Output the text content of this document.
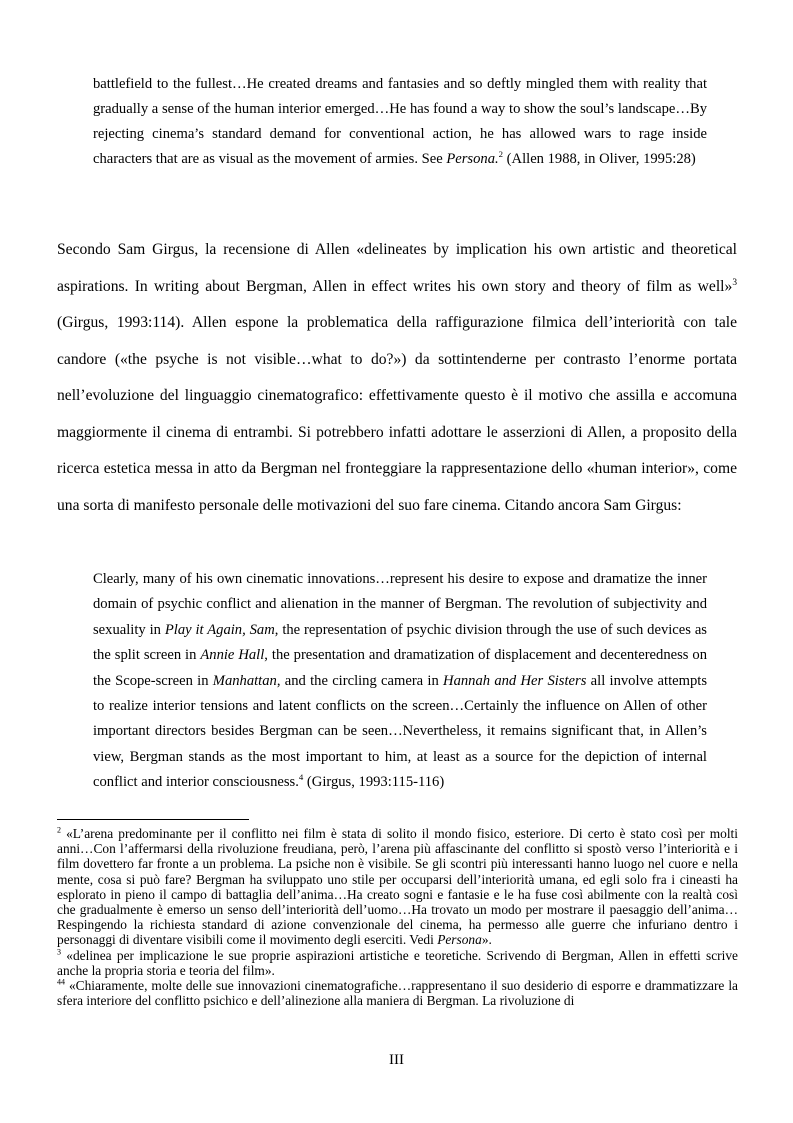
battlefield to the fullest…He created dreams and fantasies and so deftly mingled them with reality that gradually a sense of the human interior emerged…He has found a way to show the soul’s landscape…By rejecting cinema’s standard demand for conventional action, he has allowed wars to rage inside characters that are as visual as the movement of armies. See Persona.$^2$ (Allen 1988, in Oliver, 1995:28)

Secondo Sam Girgus, la recensione di Allen «delineates by implication his own artistic and theoretical aspirations. In writing about Bergman, Allen in effect writes his own story and theory of film as well»$^3$ (Girgus, 1993:114). Allen espone la problematica della raffigurazione filmica dell’interiorità con tale candore («the psyche is not visible…what to do?») da sottintenderne per contrasto l’enorme portata nell’evoluzione del linguaggio cinematografico: effettivamente questo è il motivo che assilla e accomuna maggiormente il cinema di entrambi. Si potrebbero infatti adottare le asserzioni di Allen, a proposito della ricerca estetica messa in atto da Bergman nel fronteggiare la rappresentazione dello «human interior», come una sorta di manifesto personale delle motivazioni del suo fare cinema. Citando ancora Sam Girgus:

Clearly, many of his own cinematic innovations…represent his desire to expose and dramatize the inner domain of psychic conflict and alienation in the manner of Bergman. The revolution of subjectivity and sexuality in Play it Again, Sam, the representation of psychic division through the use of such devices as the split screen in Annie Hall, the presentation and dramatization of displacement and decenteredness on the Scope-screen in Manhattan, and the circling camera in Hannah and Her Sisters all involve attempts to realize interior tensions and latent conflicts on the screen…Certainly the influence on Allen of other important directors besides Bergman can be seen…Nevertheless, it remains significant that, in Allen’s view, Bergman stands as the most important to him, at least as a source for the depiction of internal conflict and interior consciousness.$^4$ (Girgus, 1993:115-116)

$^2$ «L’arena predominante per il conflitto nei film è stata di solito il mondo fisico, esteriore. Di certo è stato così per molti anni…Con l’affermarsi della rivoluzione freudiana, però, l’arena più affascinante del conflitto si spostò verso l’interiorità e i film dovettero far fronte a un problema. La psiche non è visibile. Se gli scontri più interessanti hanno luogo nel cuore e nella mente, cosa si può fare? Bergman ha sviluppato uno stile per occuparsi dell’interiorità umana, ed egli solo fra i cineasti ha esplorato in pieno il campo di battaglia dell’anima…Ha creato sogni e fantasie e le ha fuse così abilmente con la realtà così che gradualmente è emerso un senso dell’interiorità dell’uomo…Ha trovato un modo per mostrare il paesaggio dell’anima…Respingendo la richiesta standard di azione convenzionale del cinema, ha permesso alle guerre che infuriano dentro i personaggi di diventare visibili come il movimento degli eserciti. Vedi Persona».

$^3$ «delinea per implicazione le sue proprie aspirazioni artistiche e teoretiche. Scrivendo di Bergman, Allen in effetti scrive anche la propria storia e teoria del film».

$^{44}$ «Chiaramente, molte delle sue innovazioni cinematografiche…rappresentano il suo desiderio di esporre e drammatizzare la sfera interiore del conflitto psichico e dell’alinezione alla maniera di Bergman. La rivoluzione di

III
